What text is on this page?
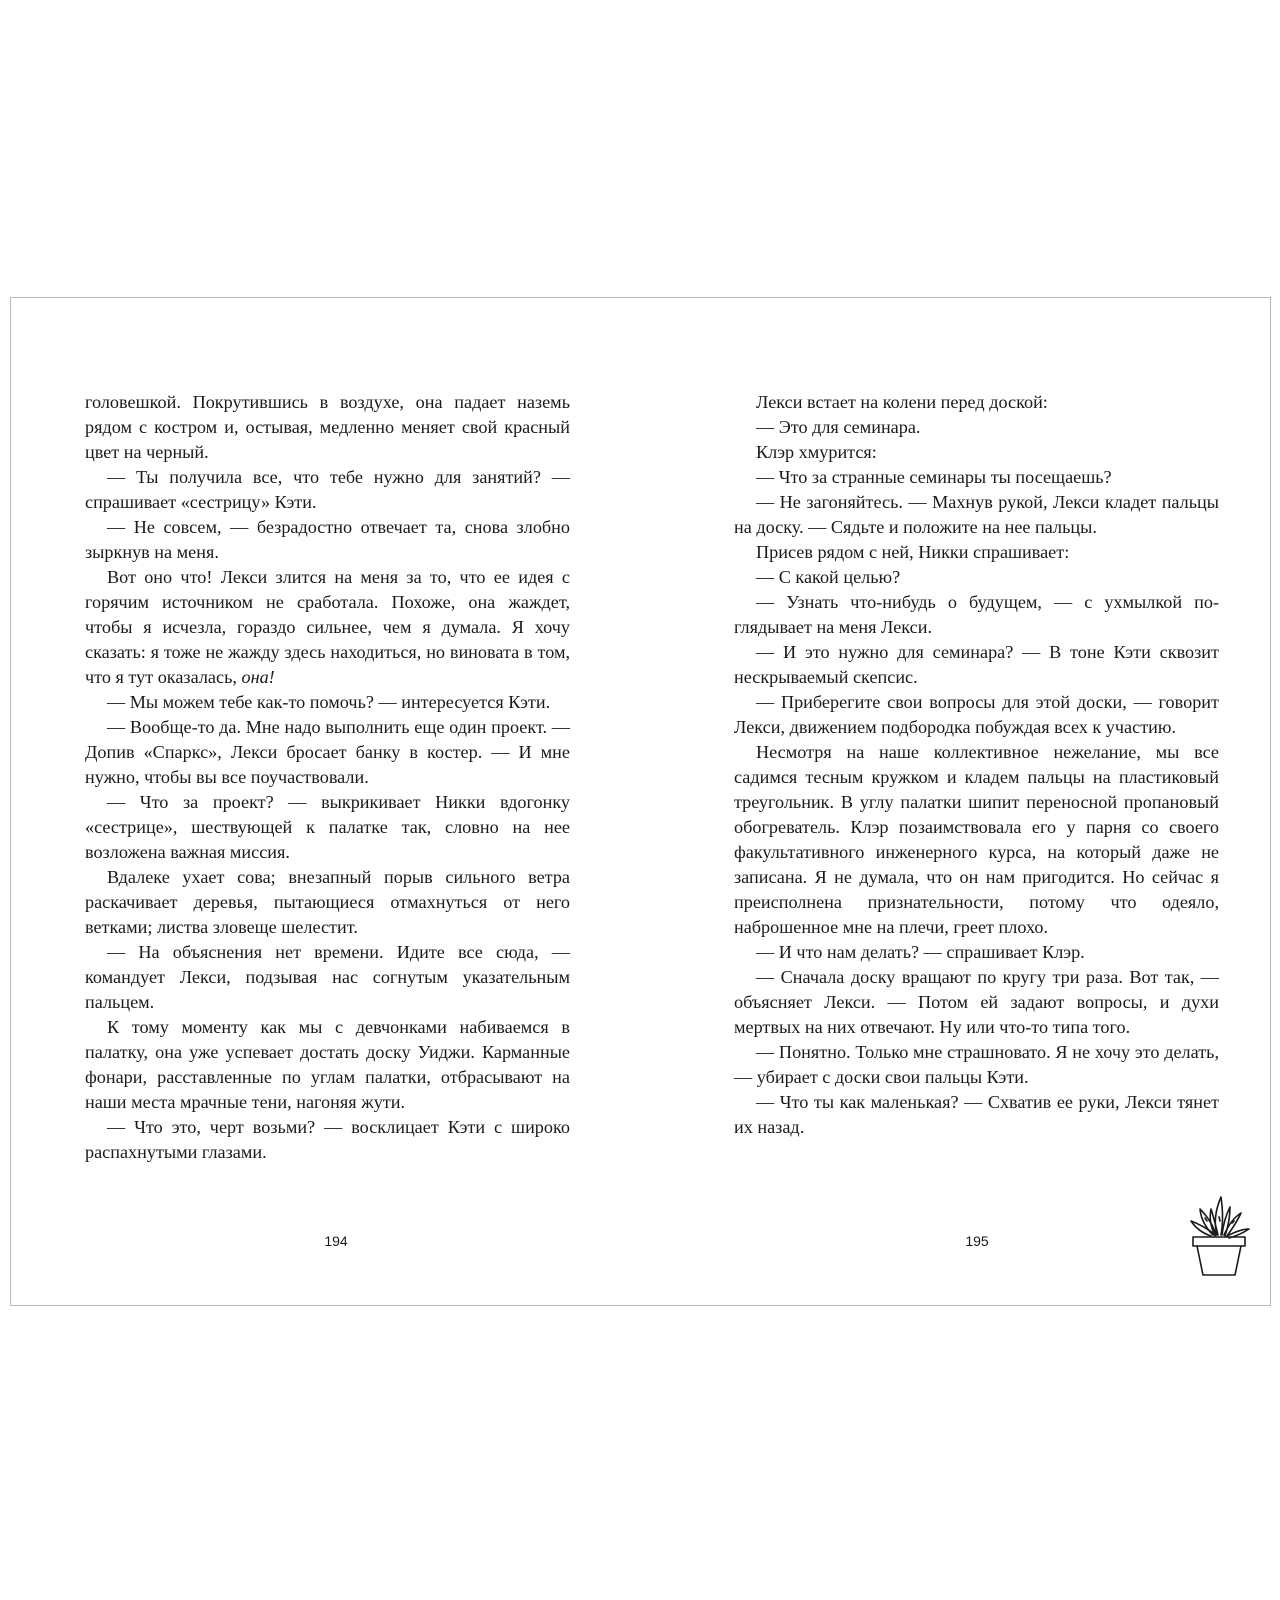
головешкой. Покрутившись в воздухе, она падает наземь рядом с костром и, остывая, медленно меняет свой красный цвет на черный.

— Ты получила все, что тебе нужно для занятий? — спрашивает «сестрицу» Кэти.

— Не совсем, — безрадостно отвечает та, снова злобно зыркнув на меня.

Вот оно что! Лекси злится на меня за то, что ее идея с горячим источником не сработала. Похоже, она жаждет, чтобы я исчезла, гораздо сильнее, чем я думала. Я хочу сказать: я тоже не жажду здесь находиться, но виновата в том, что я тут оказалась, она!

— Мы можем тебе как-то помочь? — интересуется Кэти.

— Вообще-то да. Мне надо выполнить еще один проект. — Допив «Спаркс», Лекси бросает банку в костер. — И мне нужно, чтобы вы все поучаствовали.

— Что за проект? — выкрикивает Никки вдогонку «сестрице», шествующей к палатке так, словно на нее возложена важная миссия.

Вдалеке ухает сова; внезапный порыв сильного ветра раскачивает деревья, пытающиеся отмахнуться от него ветками; листва зловеще шелестит.

— На объяснения нет времени. Идите все сюда, — командует Лекси, подзывая нас согнутым указательным пальцем.

К тому моменту как мы с девчонками набиваемся в палатку, она уже успевает достать доску Уиджи. Карманные фонари, расставленные по углам палатки, отбрасывают на наши места мрачные тени, нагоняя жути.

— Что это, черт возьми? — восклицает Кэти с широко распахнутыми глазами.

Лекси встает на колени перед доской:

— Это для семинара.

Клэр хмурится:

— Что за странные семинары ты посещаешь?

— Не загоняйтесь. — Махнув рукой, Лекси кладет пальцы на доску. — Сядьте и положите на нее пальцы.

Присев рядом с ней, Никки спрашивает:

— С какой целью?

— Узнать что-нибудь о будущем, — с ухмылкой поглядывает на меня Лекси.

— И это нужно для семинара? — В тоне Кэти сквозит нескрываемый скепсис.

— Приберегите свои вопросы для этой доски, — говорит Лекси, движением подбородка побуждая всех к участию.

Несмотря на наше коллективное нежелание, мы все садимся тесным кружком и кладем пальцы на пластиковый треугольник. В углу палатки шипит переносной пропановый обогреватель. Клэр позаимствовала его у парня со своего факультативного инженерного курса, на который даже не записана. Я не думала, что он нам пригодится. Но сейчас я преисполнена признательности, потому что одеяло, наброшенное мне на плечи, греет плохо.

— И что нам делать? — спрашивает Клэр.

— Сначала доску вращают по кругу три раза. Вот так, — объясняет Лекси. — Потом ей задают вопросы, и духи мертвых на них отвечают. Ну или что-то типа того.

— Понятно. Только мне страшновато. Я не хочу это делать, — убирает с доски свои пальцы Кэти.

— Что ты как маленькая? — Схватив ее руки, Лекси тянет их назад.

194	195
